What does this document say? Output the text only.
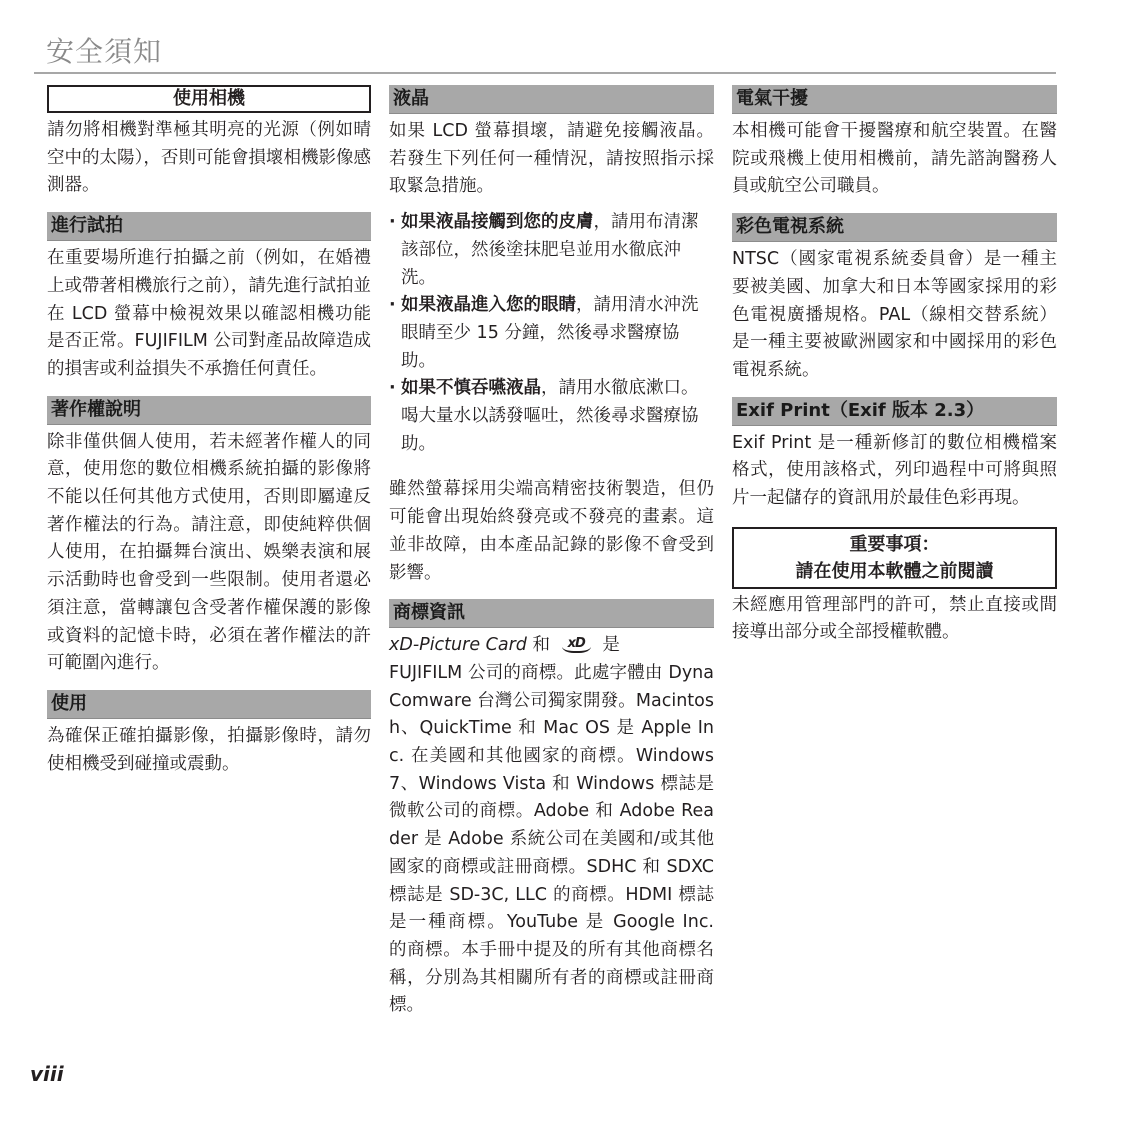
安全須知
使用相機

請勿將相機對準極其明亮的光源（例如晴空中的太陽），否則可能會損壞相機影像感測器。

進行試拍

在重要場所進行拍攝之前（例如，在婚禮上或帶著相機旅行之前），請先進行試拍並在 LCD 螢幕中檢視效果以確認相機功能是否正常。FUJIFILM 公司對產品故障造成的損害或利益損失不承擔任何責任。

著作權說明

除非僅供個人使用，若未經著作權人的同意，使用您的數位相機系統拍攝的影像將不能以任何其他方式使用，否則即屬違反著作權法的行為。請注意，即使純粹供個人使用，在拍攝舞台演出、娛樂表演和展示活動時也會受到一些限制。使用者還必須注意，當轉讓包含受著作權保護的影像或資料的記憶卡時，必須在著作權法的許可範圍內進行。

使用

為確保正確拍攝影像，拍攝影像時，請勿使相機受到碰撞或震動。

液晶

如果 LCD 螢幕損壞，請避免接觸液晶。若發生下列任何一種情況，請按照指示採取緊急措施。

· 如果液晶接觸到您的皮膚，請用布清潔該部位，然後塗抹肥皂並用水徹底沖洗。
· 如果液晶進入您的眼睛，請用清水沖洗眼睛至少 15 分鐘，然後尋求醫療協助。
· 如果不慎吞嚥液晶，請用水徹底漱口。喝大量水以誘發嘔吐，然後尋求醫療協助。

雖然螢幕採用尖端高精密技術製造，但仍可能會出現始終發亮或不發亮的畫素。這並非故障，由本產品記錄的影像不會受到影響。

商標資訊

xD-Picture Card 和 xD 是
FUJIFILM 公司的商標。此處字體由 DynaComware 台灣公司獨家開發。Macintosh、QuickTime 和 Mac OS 是 Apple Inc. 在美國和其他國家的商標。Windows 7、Windows Vista 和 Windows 標誌是微軟公司的商標。Adobe 和 Adobe Reader 是 Adobe 系統公司在美國和/或其他國家的商標或註冊商標。SDHC 和 SDXC 標誌是 SD-3C, LLC 的商標。HDMI 標誌是一種商標。YouTube 是 Google Inc. 的商標。本手冊中提及的所有其他商標名稱，分別為其相關所有者的商標或註冊商標。

電氣干擾

本相機可能會干擾醫療和航空裝置。在醫院或飛機上使用相機前，請先諮詢醫務人員或航空公司職員。

彩色電視系統

NTSC（國家電視系統委員會）是一種主要被美國、加拿大和日本等國家採用的彩色電視廣播規格。PAL（線相交替系統）是一種主要被歐洲國家和中國採用的彩色電視系統。

Exif Print（Exif 版本 2.3）

Exif Print 是一種新修訂的數位相機檔案格式，使用該格式，列印過程中可將與照片一起儲存的資訊用於最佳色彩再現。

重要事項：
請在使用本軟體之前閱讀

未經應用管理部門的許可，禁止直接或間接導出部分或全部授權軟體。

viii
